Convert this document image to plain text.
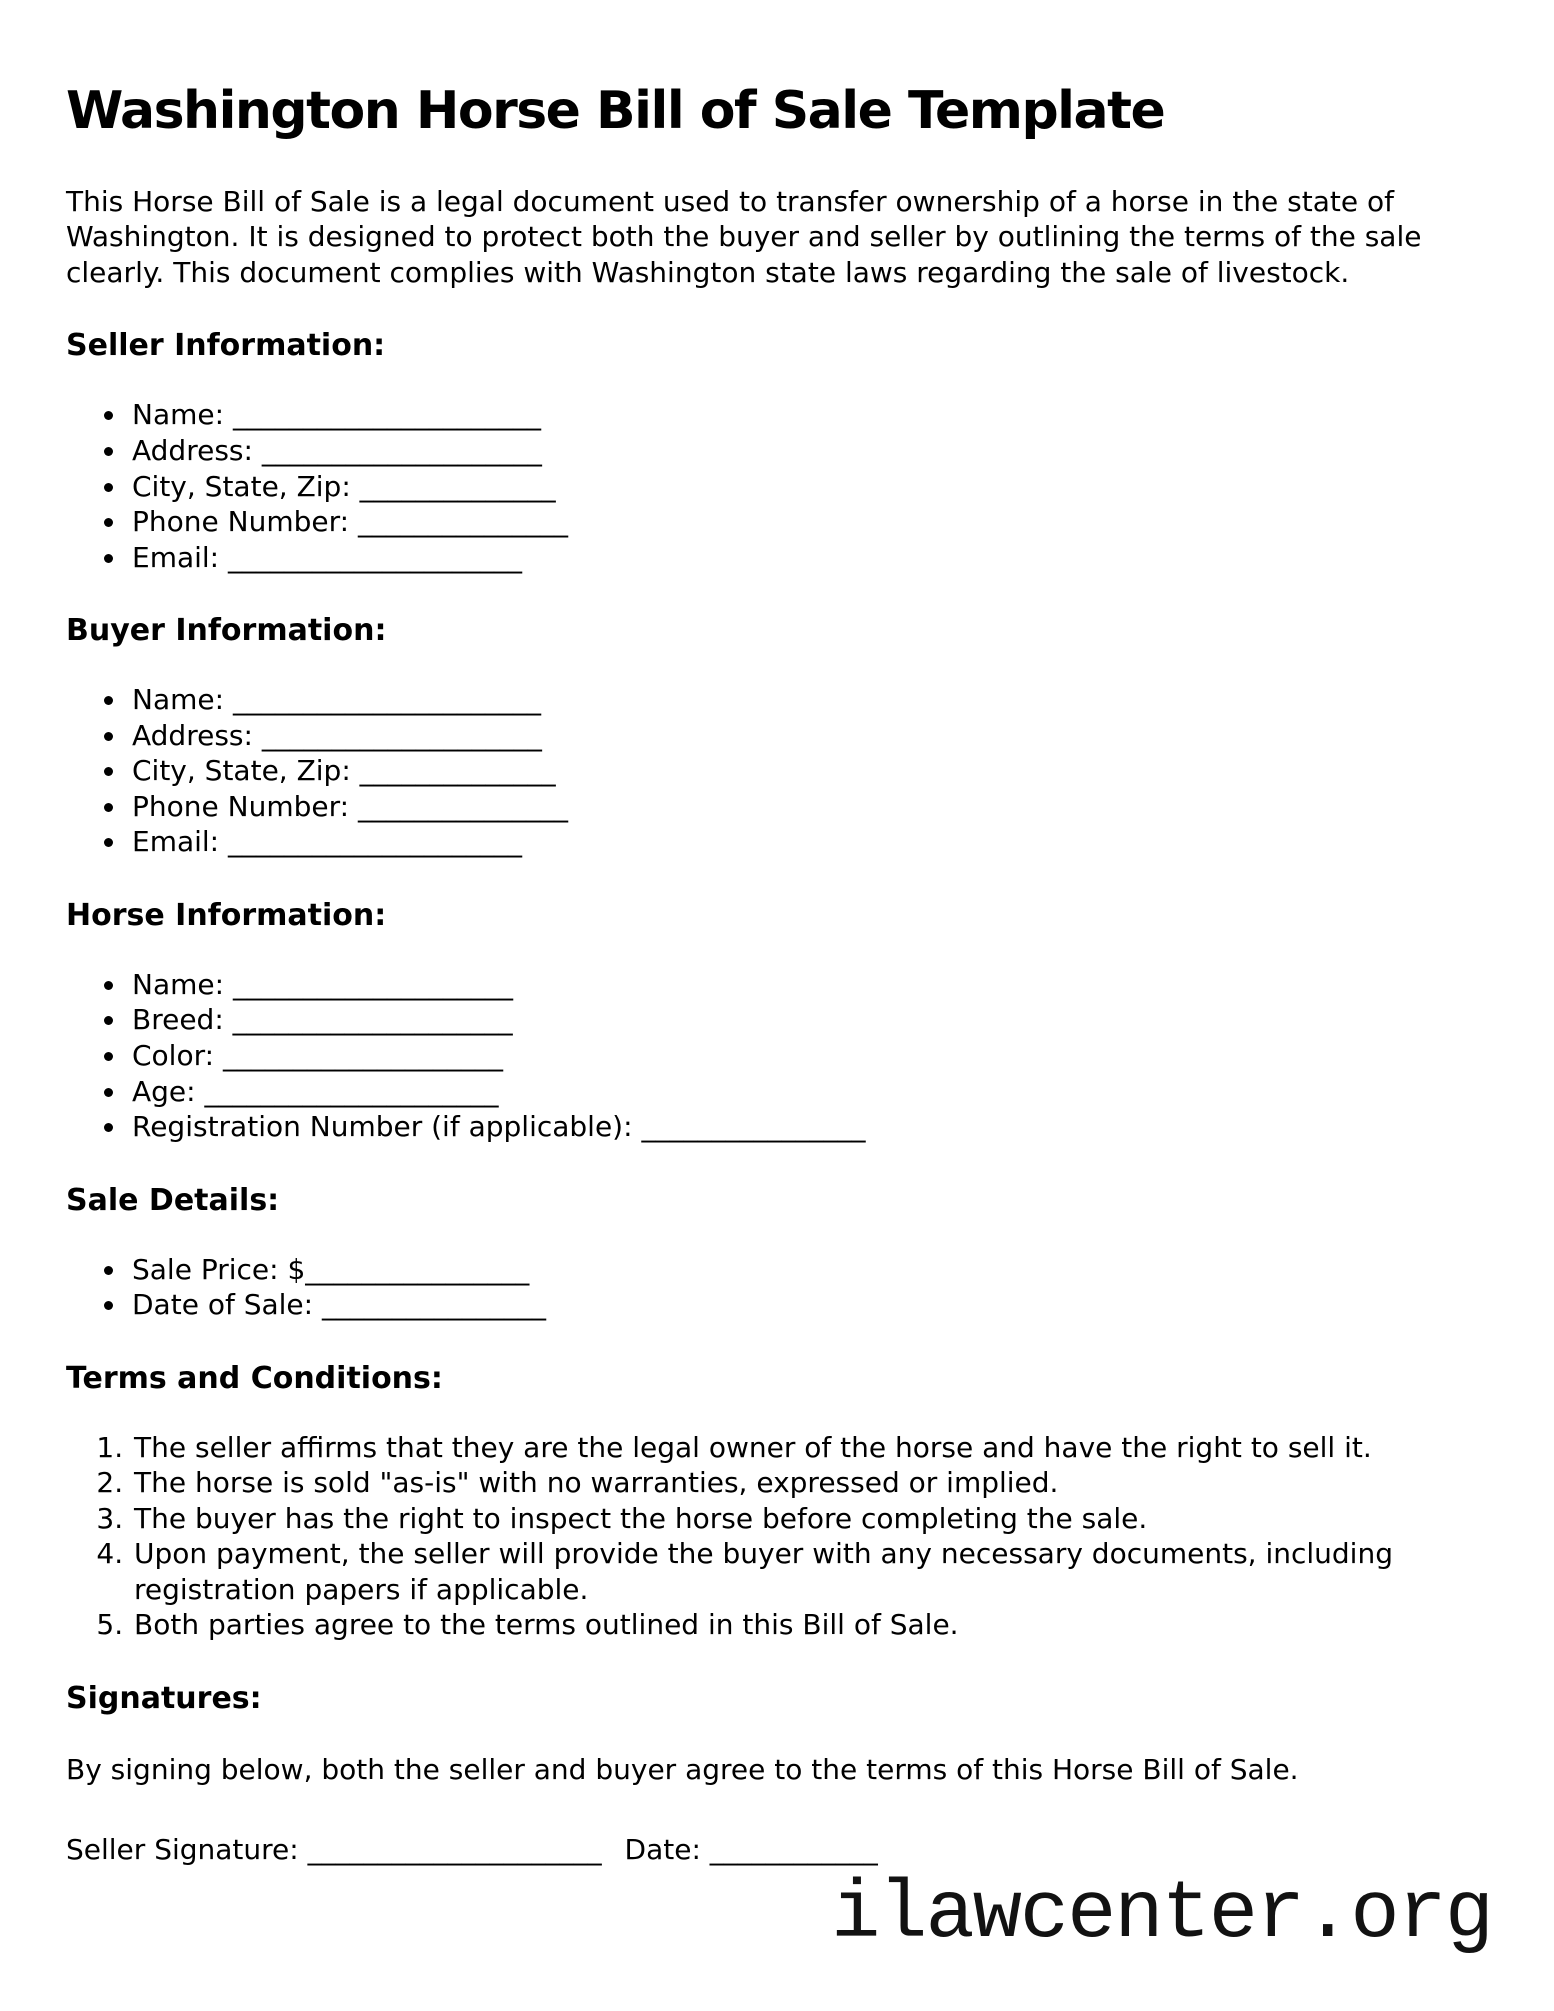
Washington Horse Bill of Sale Template

This Horse Bill of Sale is a legal document used to transfer ownership of a horse in the state of Washington. It is designed to protect both the buyer and seller by outlining the terms of the sale clearly. This document complies with Washington state laws regarding the sale of livestock.

Seller Information:
• Name: ______________________
• Address: ____________________
• City, State, Zip: ______________
• Phone Number: _______________
• Email: _____________________
Buyer Information:
• Name: ______________________
• Address: ____________________
• City, State, Zip: ______________
• Phone Number: _______________
• Email: _____________________
Horse Information:
• Name: ____________________
• Breed: ____________________
• Color: ____________________
• Age: _____________________
• Registration Number (if applicable): ________________
Sale Details:
• Sale Price: $________________
• Date of Sale: ________________
Terms and Conditions:
1. The seller affirms that they are the legal owner of the horse and have the right to sell it.
2. The horse is sold "as-is" with no warranties, expressed or implied.
3. The buyer has the right to inspect the horse before completing the sale.
4. Upon payment, the seller will provide the buyer with any necessary documents, including registration papers if applicable.
5. Both parties agree to the terms outlined in this Bill of Sale.
Signatures:

By signing below, both the seller and buyer agree to the terms of this Horse Bill of Sale.

Seller Signature: _____________________ Date: ____________
ilawcenter.org
